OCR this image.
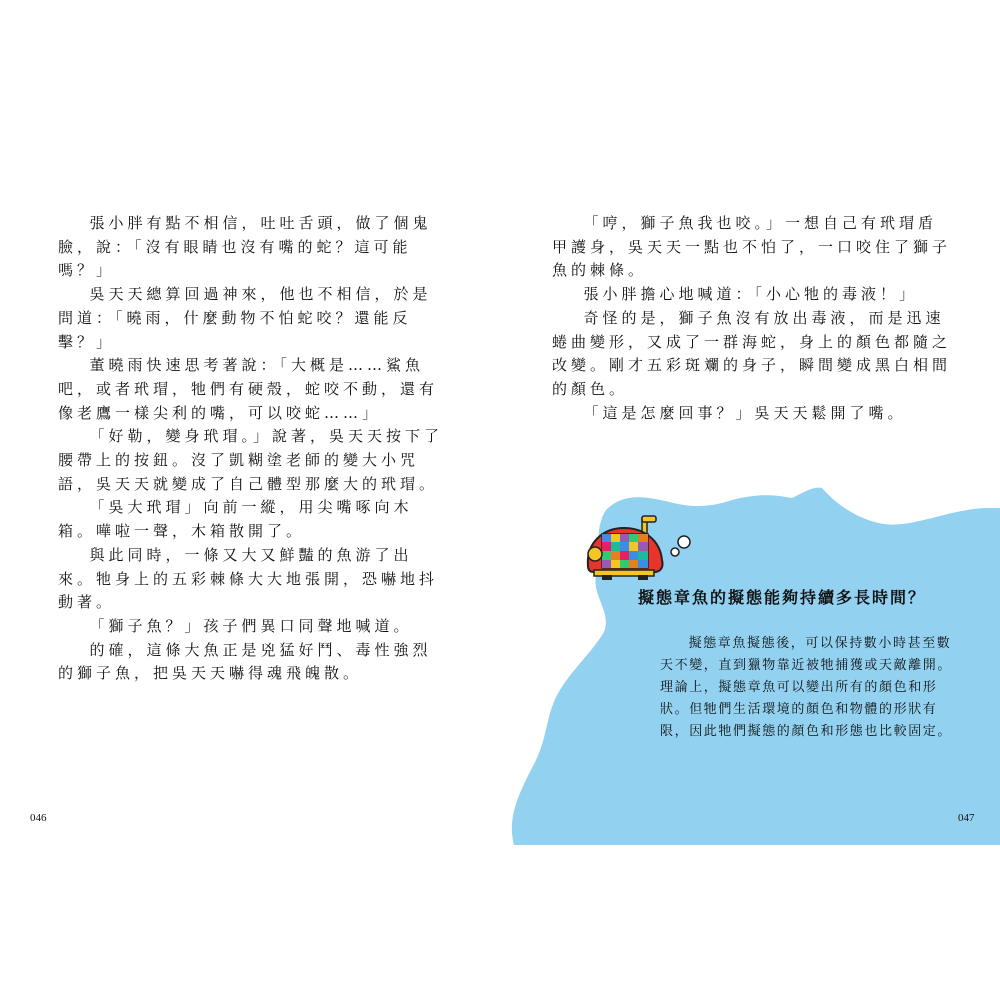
張小胖有點不相信，吐吐舌頭，做了個鬼臉，說：「沒有眼睛也沒有嘴的蛇？這可能嗎？」

吳天天總算回過神來，他也不相信，於是問道：「曉雨，什麼動物不怕蛇咬？還能反擊？」

董曉雨快速思考著說：「大概是……鯊魚吧，或者玳瑁，牠們有硬殼，蛇咬不動，還有像老鷹一樣尖利的嘴，可以咬蛇……」

「好勒，變身玳瑁。」說著，吳天天按下了腰帶上的按鈕。沒了凱糊塗老師的變大小咒語，吳天天就變成了自己體型那麼大的玳瑁。

「吳大玳瑁」向前一縱，用尖嘴啄向木箱。嘩啦一聲，木箱散開了。

與此同時，一條又大又鮮豔的魚游了出來。牠身上的五彩棘條大大地張開，恐嚇地抖動著。

「獅子魚？」孩子們異口同聲地喊道。

的確，這條大魚正是兇猛好鬥、毒性強烈的獅子魚，把吳天天嚇得魂飛魄散。

046

「哼，獅子魚我也咬。」一想自己有玳瑁盾甲護身，吳天天一點也不怕了，一口咬住了獅子魚的棘條。

張小胖擔心地喊道：「小心牠的毒液！」

奇怪的是，獅子魚沒有放出毒液，而是迅速蜷曲變形，又成了一群海蛇，身上的顏色都隨之改變。剛才五彩斑斕的身子，瞬間變成黑白相間的顏色。

「這是怎麼回事？」吳天天鬆開了嘴。

擬態章魚的擬態能夠持續多長時間？

擬態章魚擬態後，可以保持數小時甚至數天不變，直到獵物靠近被牠捕獲或天敵離開。理論上，擬態章魚可以變出所有的顏色和形狀。但牠們生活環境的顏色和物體的形狀有限，因此牠們擬態的顏色和形態也比較固定。

047
